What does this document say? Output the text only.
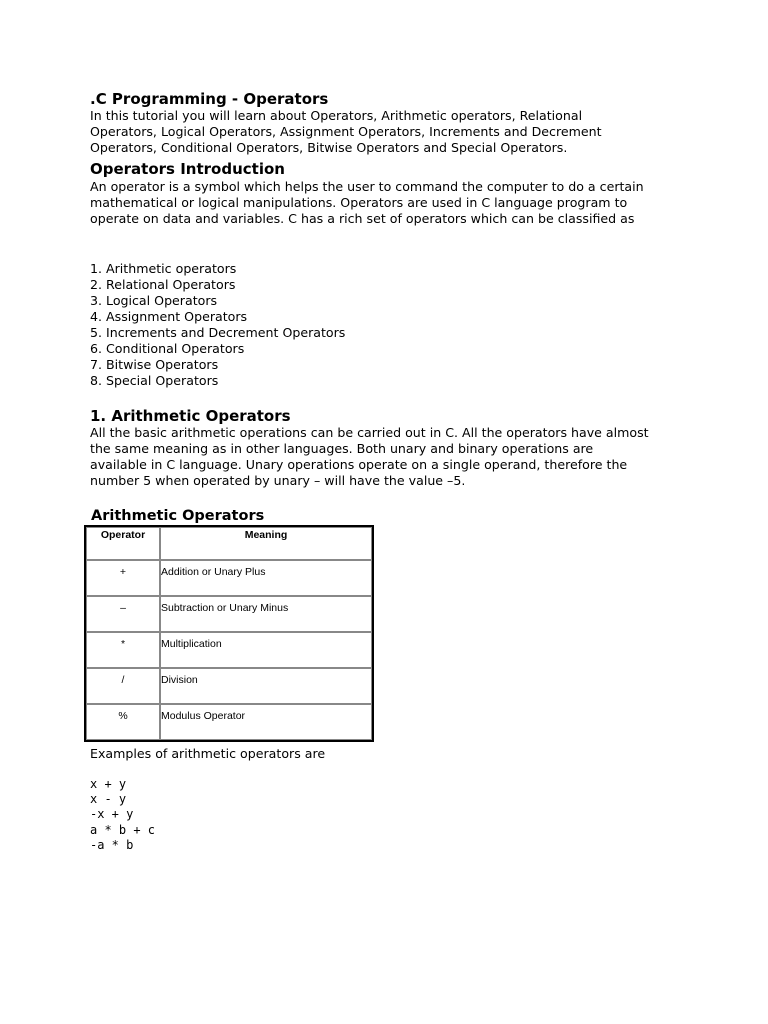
.C Programming - Operators
In this tutorial you will learn about Operators, Arithmetic operators, Relational
Operators, Logical Operators, Assignment Operators, Increments and Decrement
Operators, Conditional Operators, Bitwise Operators and Special Operators.
Operators Introduction
An operator is a symbol which helps the user to command the computer to do a certain
mathematical or logical manipulations. Operators are used in C language program to
operate on data and variables. C has a rich set of operators which can be classified as
1. Arithmetic operators
2. Relational Operators
3. Logical Operators
4. Assignment Operators
5. Increments and Decrement Operators
6. Conditional Operators
7. Bitwise Operators
8. Special Operators
1. Arithmetic Operators
All the basic arithmetic operations can be carried out in C. All the operators have almost
the same meaning as in other languages. Both unary and binary operations are
available in C language. Unary operations operate on a single operand, therefore the
number 5 when operated by unary – will have the value –5.
Arithmetic Operators
Operator	Meaning
+	Addition or Unary Plus
–	Subtraction or Unary Minus
*	Multiplication
/	Division
%	Modulus Operator
Examples of arithmetic operators are
x + y
x - y
-x + y
a * b + c
-a * b
